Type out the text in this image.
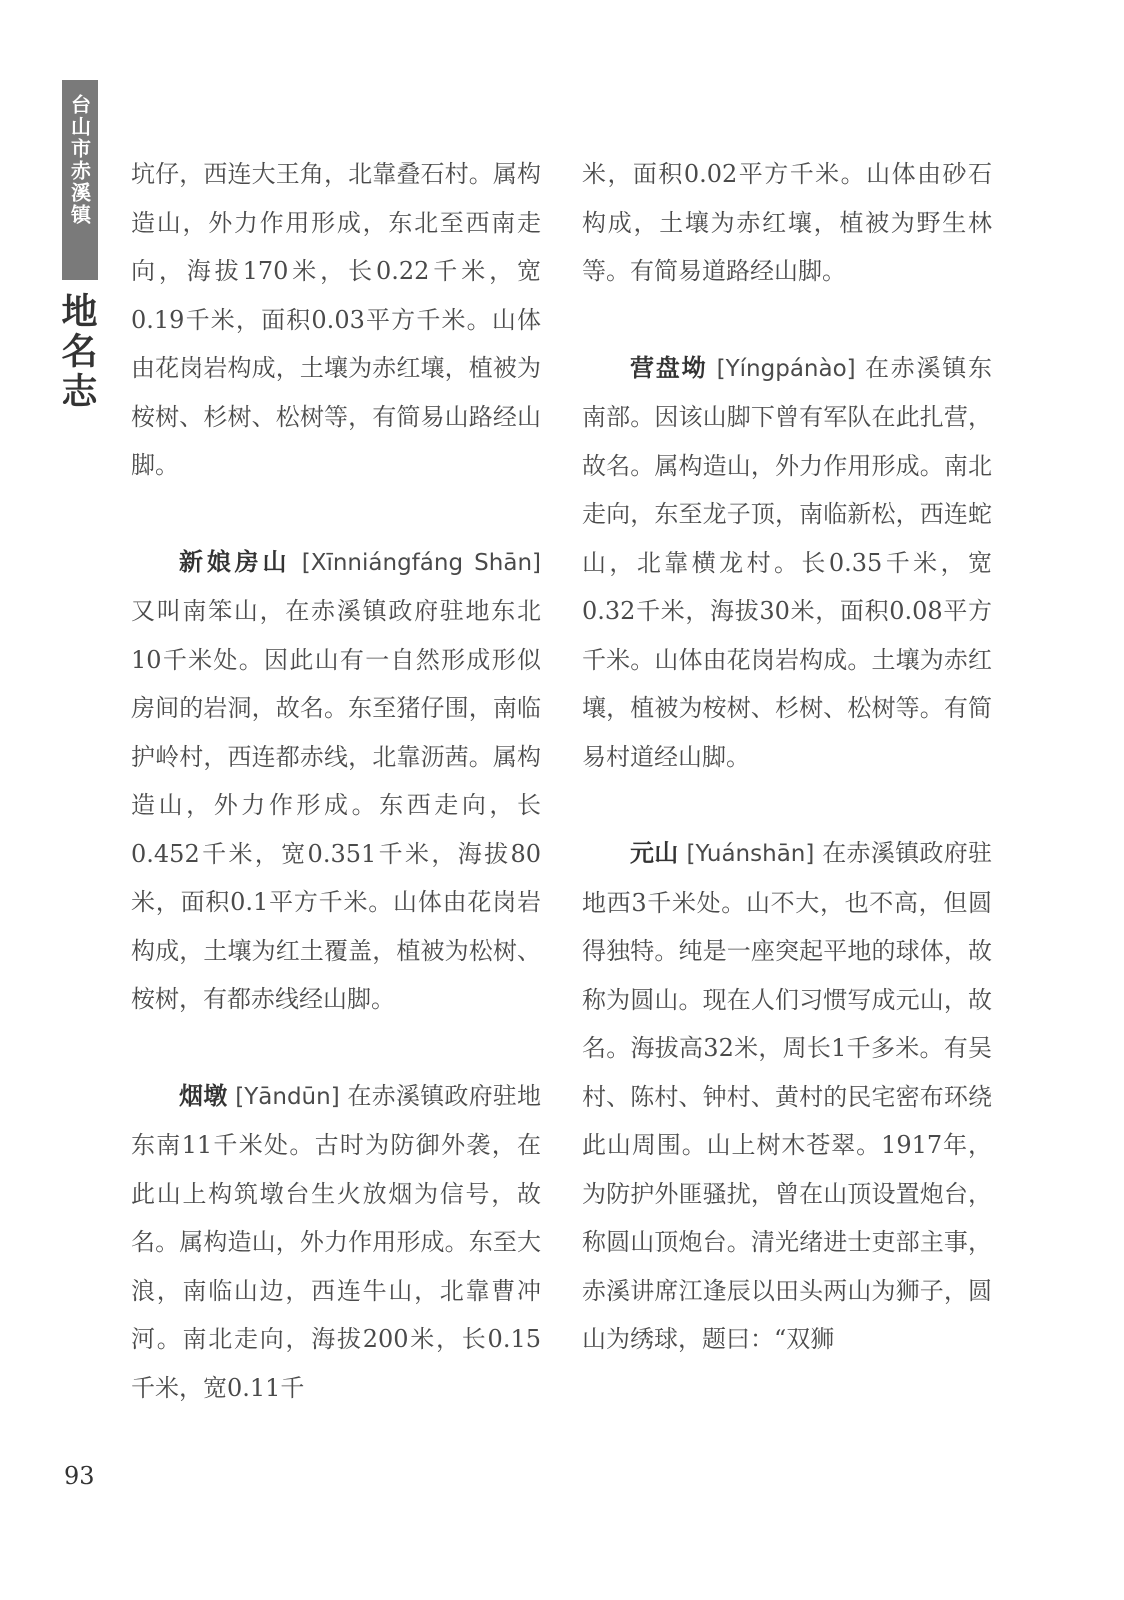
台山市赤溪镇
地名志

坑仔，西连大王角，北靠叠石村。属构造山，外力作用形成，东北至西南走向，海拔170米，长0.22千米，宽0.19千米，面积0.03平方千米。山体由花岗岩构成，土壤为赤红壤，植被为桉树、杉树、松树等，有简易山路经山脚。

新娘房山 [Xīnniángfáng Shān]又叫南笨山，在赤溪镇政府驻地东北10千米处。因此山有一自然形成形似房间的岩洞，故名。东至猪仔围，南临护岭村，西连都赤线，北靠沥茜。属构造山，外力作形成。东西走向，长0.452千米，宽0.351千米，海拔80米，面积0.1平方千米。山体由花岗岩构成，土壤为红土覆盖，植被为松树、桉树，有都赤线经山脚。

烟墩 [Yāndūn] 在赤溪镇政府驻地东南11千米处。古时为防御外袭，在此山上构筑墩台生火放烟为信号，故名。属构造山，外力作用形成。东至大浪，南临山边，西连牛山，北靠曹冲河。南北走向，海拔200米，长0.15千米，宽0.11千

米，面积0.02平方千米。山体由砂石构成，土壤为赤红壤，植被为野生林等。有简易道路经山脚。

营盘坳 [Yíngpánào] 在赤溪镇东南部。因该山脚下曾有军队在此扎营，故名。属构造山，外力作用形成。南北走向，东至龙子顶，南临新松，西连蛇山，北靠横龙村。长0.35千米，宽0.32千米，海拔30米，面积0.08平方千米。山体由花岗岩构成。土壤为赤红壤，植被为桉树、杉树、松树等。有简易村道经山脚。

元山 [Yuánshān] 在赤溪镇政府驻地西3千米处。山不大，也不高，但圆得独特。纯是一座突起平地的球体，故称为圆山。现在人们习惯写成元山，故名。海拔高32米，周长1千多米。有吴村、陈村、钟村、黄村的民宅密布环绕此山周围。山上树木苍翠。1917年，为防护外匪骚扰，曾在山顶设置炮台，称圆山顶炮台。清光绪进士吏部主事，赤溪讲席江逢辰以田头两山为狮子，圆山为绣球，题曰：“双狮

93
